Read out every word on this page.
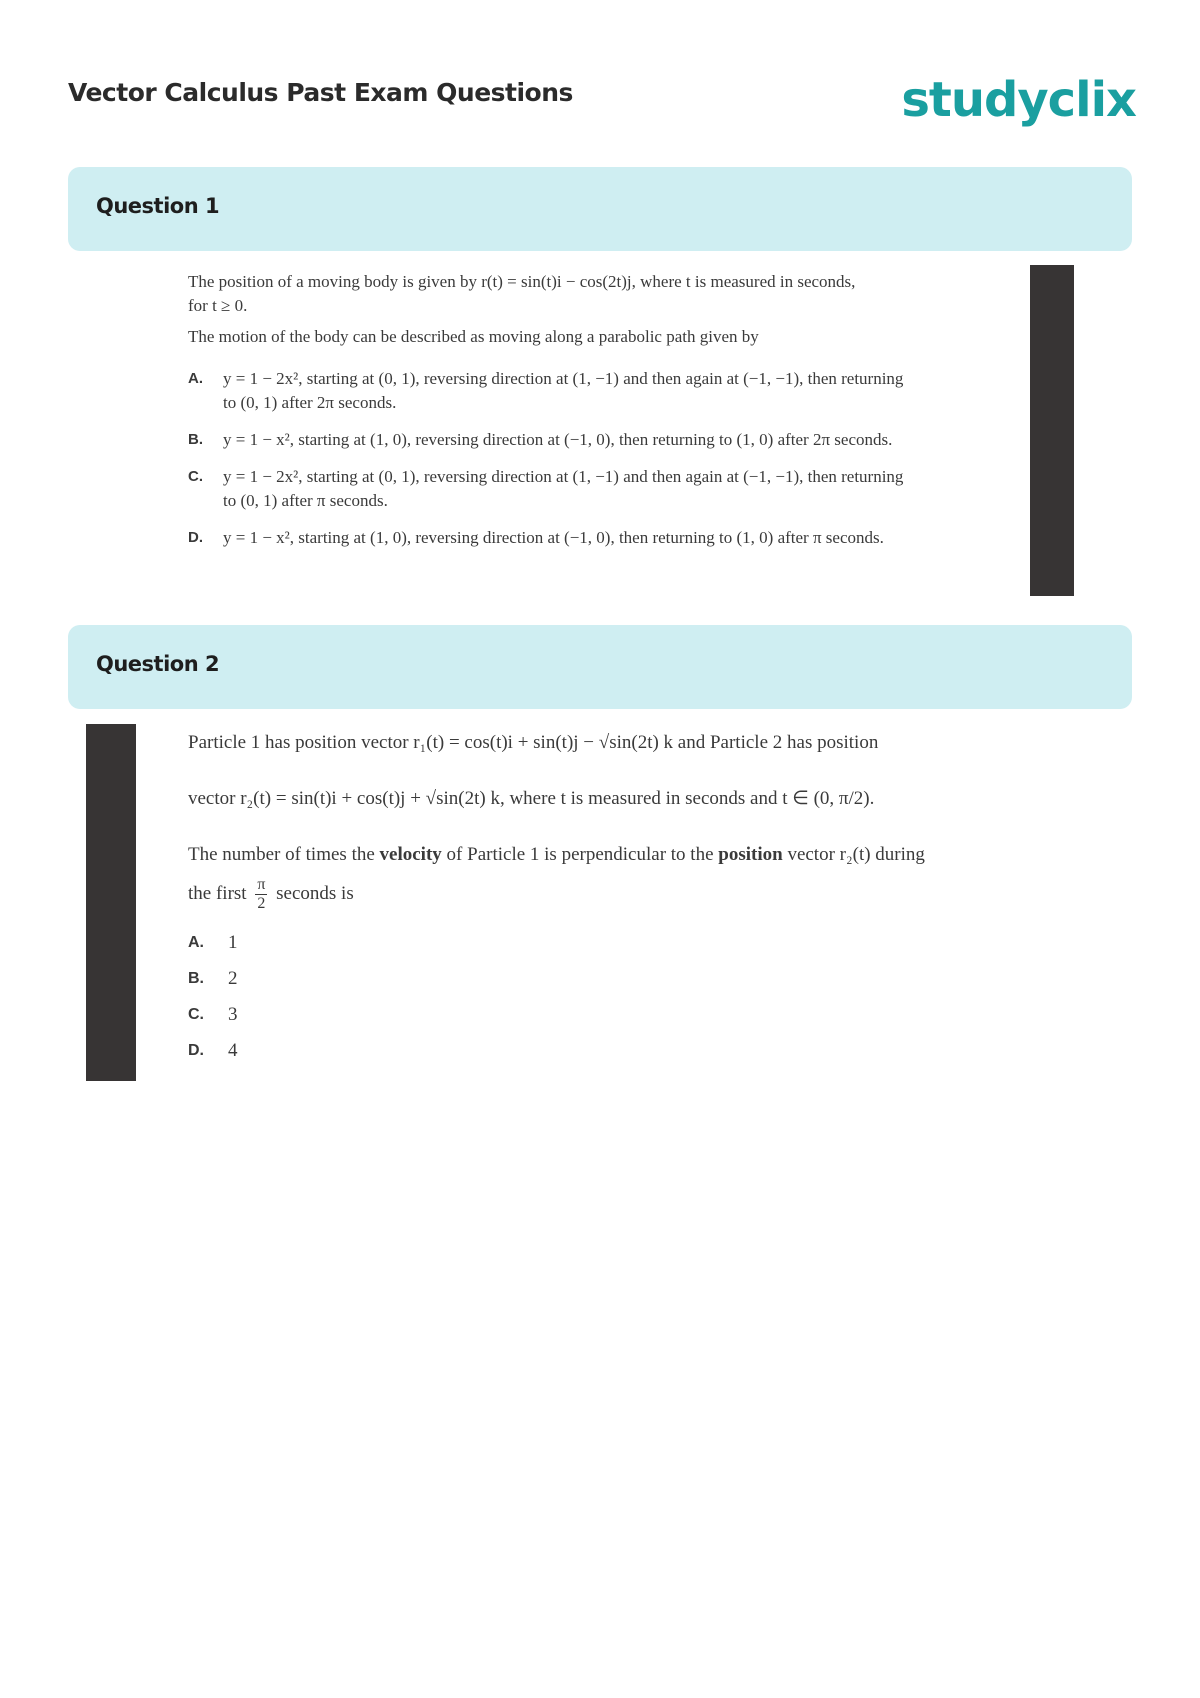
Vector Calculus Past Exam Questions	studyclix
Question 1

The position of a moving body is given by r(t) = sin(t)i − cos(2t)j, where t is measured in seconds,

for t ≥ 0.

The motion of the body can be described as moving along a parabolic path given by

A. y = 1 − 2x², starting at (0, 1), reversing direction at (1, −1) and then again at (−1, −1), then returning
to (0, 1) after 2π seconds.
B. y = 1 − x², starting at (1, 0), reversing direction at (−1, 0), then returning to (1, 0) after 2π seconds.
C. y = 1 − 2x², starting at (0, 1), reversing direction at (1, −1) and then again at (−1, −1), then returning
to (0, 1) after π seconds.
D. y = 1 − x², starting at (1, 0), reversing direction at (−1, 0), then returning to (1, 0) after π seconds.
Question 2

Particle 1 has position vector r₁(t) = cos(t)i + sin(t)j − √sin(2t) k and Particle 2 has position

vector r₂(t) = sin(t)i + cos(t)j + √sin(2t) k, where t is measured in seconds and t ∈ (0, π/2).

The number of times the velocity of Particle 1 is perpendicular to the position vector r₂(t) during

the first $\frac{\pi}{2}$ seconds is

A. 1
B. 2
C. 3
D. 4
